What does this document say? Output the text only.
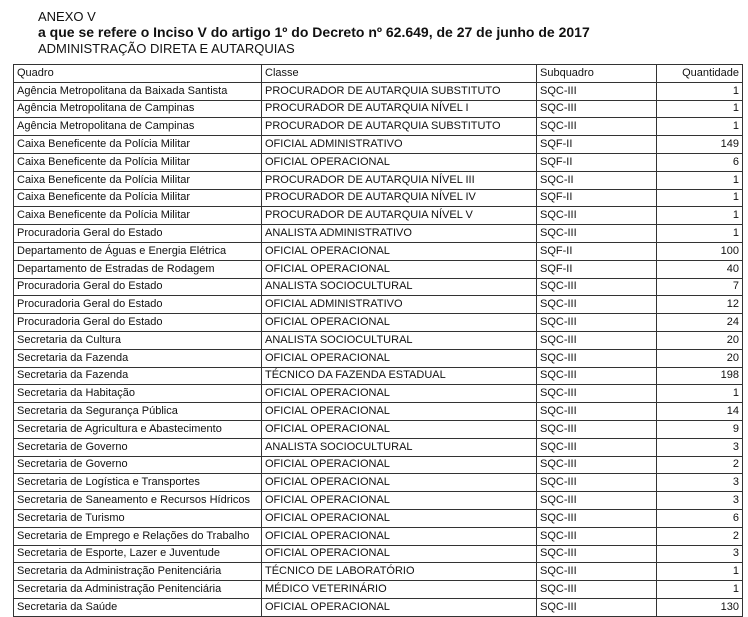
ANEXO V
a que se refere o Inciso V do artigo 1º do Decreto nº 62.649, de 27 de junho de 2017
ADMINISTRAÇÃO DIRETA E AUTARQUIAS
Quadro	Classe	Subquadro	Quantidade
Agência Metropolitana da Baixada Santista	PROCURADOR DE AUTARQUIA SUBSTITUTO	SQC-III	1
Agência Metropolitana de Campinas	PROCURADOR DE AUTARQUIA NÍVEL I	SQC-III	1
Agência Metropolitana de Campinas	PROCURADOR DE AUTARQUIA SUBSTITUTO	SQC-III	1
Caixa Beneficente da Polícia Militar	OFICIAL ADMINISTRATIVO	SQF-II	149
Caixa Beneficente da Polícia Militar	OFICIAL OPERACIONAL	SQF-II	6
Caixa Beneficente da Polícia Militar	PROCURADOR DE AUTARQUIA NÍVEL III	SQC-II	1
Caixa Beneficente da Polícia Militar	PROCURADOR DE AUTARQUIA NÍVEL IV	SQF-II	1
Caixa Beneficente da Polícia Militar	PROCURADOR DE AUTARQUIA NÍVEL V	SQC-III	1
Procuradoria Geral do Estado	ANALISTA ADMINISTRATIVO	SQC-III	1
Departamento de Águas e Energia Elétrica	OFICIAL OPERACIONAL	SQF-II	100
Departamento de Estradas de Rodagem	OFICIAL OPERACIONAL	SQF-II	40
Procuradoria Geral do Estado	ANALISTA SOCIOCULTURAL	SQC-III	7
Procuradoria Geral do Estado	OFICIAL ADMINISTRATIVO	SQC-III	12
Procuradoria Geral do Estado	OFICIAL OPERACIONAL	SQC-III	24
Secretaria da Cultura	ANALISTA SOCIOCULTURAL	SQC-III	20
Secretaria da Fazenda	OFICIAL OPERACIONAL	SQC-III	20
Secretaria da Fazenda	TÉCNICO DA FAZENDA ESTADUAL	SQC-III	198
Secretaria da Habitação	OFICIAL OPERACIONAL	SQC-III	1
Secretaria da Segurança Pública	OFICIAL OPERACIONAL	SQC-III	14
Secretaria de Agricultura e Abastecimento	OFICIAL OPERACIONAL	SQC-III	9
Secretaria de Governo	ANALISTA SOCIOCULTURAL	SQC-III	3
Secretaria de Governo	OFICIAL OPERACIONAL	SQC-III	2
Secretaria de Logística e Transportes	OFICIAL OPERACIONAL	SQC-III	3
Secretaria de Saneamento e Recursos Hídricos	OFICIAL OPERACIONAL	SQC-III	3
Secretaria de Turismo	OFICIAL OPERACIONAL	SQC-III	6
Secretaria de Emprego e Relações do Trabalho	OFICIAL OPERACIONAL	SQC-III	2
Secretaria de Esporte, Lazer e Juventude	OFICIAL OPERACIONAL	SQC-III	3
Secretaria da Administração Penitenciária	TÉCNICO DE LABORATÓRIO	SQC-III	1
Secretaria da Administração Penitenciária	MÉDICO VETERINÁRIO	SQC-III	1
Secretaria da Saúde	OFICIAL OPERACIONAL	SQC-III	130
